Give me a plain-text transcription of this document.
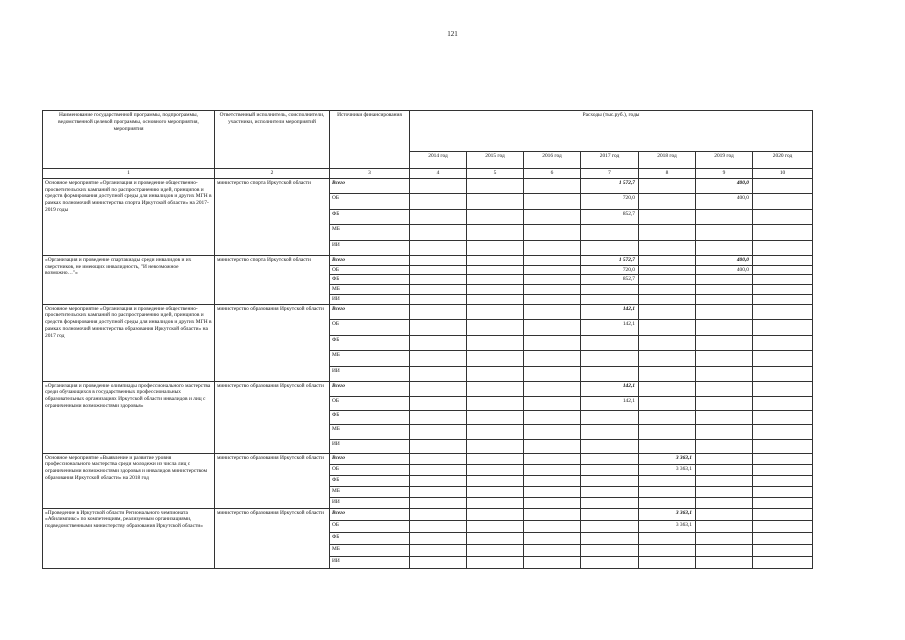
121
Наименование государственной программы, подпрограммы, ведомственной целевой программы, основного мероприятия, мероприятия	Ответственный исполнитель, соисполнители, участники, исполнители мероприятий	Источники финансирования	Расходы (тыс.руб.), годы						
			2014 год	2015 год	2016 год	2017 год	2018 год	2019 год	2020 год
1	2	3	4	5	6	7	8	9	10
Основное мероприятие «Организация и проведение общественно-просветительских кампаний по распространению идей, принципов и средств формирования доступной среды для инвалидов и других МГН в рамках полномочий министерства спорта Иркутской области» на 2017-2019 годы	министерство спорта Иркутской области	Всего				1 572,7		400,0	
		ОБ				720,0		400,0	
		ФБ				852,7			
		МБ							
		ИИ							
«Организация и проведение спартакиады среди инвалидов и их сверстников, не имеющих инвалидность, "И невозможное возможно…"»	министерство спорта Иркутской области	Всего				1 572,7		400,0	
		ОБ				720,0		400,0	
		ФБ				852,7			
		МБ							
		ИИ							
Основное мероприятие «Организация и проведение общественно-просветительских кампаний по распространению идей, принципов и средств формирования доступной среды для инвалидов и других МГН в рамках полномочий министерства образования Иркутской области» на 2017 год	министерство образования Иркутской области	Всего				142,1			
		ОБ				142,1			
		ФБ							
		МБ							
		ИИ							
«Организация и проведение олимпиады профессионального мастерства среди обучающихся в государственных профессиональных образовательных организациях Иркутской области инвалидов и лиц с ограниченными возможностями здоровья»	министерство образования Иркутской области	Всего				142,1			
		ОБ				142,1			
		ФБ							
		МБ							
		ИИ							
Основное мероприятие «Выявление и развитие уровня профессионального мастерства среди молодежи из числа лиц с ограниченными возможностями здоровья и инвалидов министерством образования Иркутской области» на 2018 год	министерство образования Иркутской области	Всего					3 363,1		
		ОБ					3 363,1		
		ФБ							
		МБ							
		ИИ							
«Проведение в Иркутской области Регионального чемпионата «Абилимпикс» по компетенциям, реализуемым организациями, подведомственными министерству образования Иркутской области»	министерство образования Иркутской области	Всего					3 363,1		
		ОБ					3 363,1		
		ФБ							
		МБ							
		ИИ							
